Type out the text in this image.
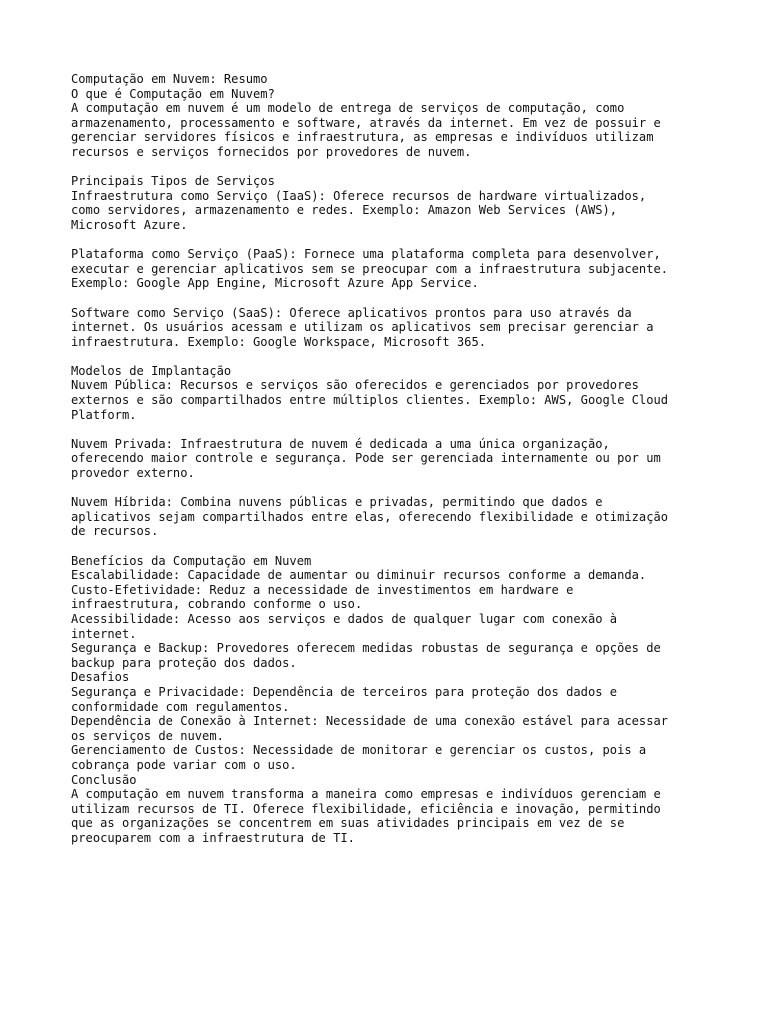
Computação em Nuvem: Resumo
O que é Computação em Nuvem?
A computação em nuvem é um modelo de entrega de serviços de computação, como
armazenamento, processamento e software, através da internet. Em vez de possuir e
gerenciar servidores físicos e infraestrutura, as empresas e indivíduos utilizam
recursos e serviços fornecidos por provedores de nuvem.
Principais Tipos de Serviços
Infraestrutura como Serviço (IaaS): Oferece recursos de hardware virtualizados,
como servidores, armazenamento e redes. Exemplo: Amazon Web Services (AWS),
Microsoft Azure.
Plataforma como Serviço (PaaS): Fornece uma plataforma completa para desenvolver,
executar e gerenciar aplicativos sem se preocupar com a infraestrutura subjacente.
Exemplo: Google App Engine, Microsoft Azure App Service.
Software como Serviço (SaaS): Oferece aplicativos prontos para uso através da
internet. Os usuários acessam e utilizam os aplicativos sem precisar gerenciar a
infraestrutura. Exemplo: Google Workspace, Microsoft 365.
Modelos de Implantação
Nuvem Pública: Recursos e serviços são oferecidos e gerenciados por provedores
externos e são compartilhados entre múltiplos clientes. Exemplo: AWS, Google Cloud
Platform.
Nuvem Privada: Infraestrutura de nuvem é dedicada a uma única organização,
oferecendo maior controle e segurança. Pode ser gerenciada internamente ou por um
provedor externo.
Nuvem Híbrida: Combina nuvens públicas e privadas, permitindo que dados e
aplicativos sejam compartilhados entre elas, oferecendo flexibilidade e otimização
de recursos.
Benefícios da Computação em Nuvem
Escalabilidade: Capacidade de aumentar ou diminuir recursos conforme a demanda.
Custo-Efetividade: Reduz a necessidade de investimentos em hardware e
infraestrutura, cobrando conforme o uso.
Acessibilidade: Acesso aos serviços e dados de qualquer lugar com conexão à
internet.
Segurança e Backup: Provedores oferecem medidas robustas de segurança e opções de
backup para proteção dos dados.
Desafios
Segurança e Privacidade: Dependência de terceiros para proteção dos dados e
conformidade com regulamentos.
Dependência de Conexão à Internet: Necessidade de uma conexão estável para acessar
os serviços de nuvem.
Gerenciamento de Custos: Necessidade de monitorar e gerenciar os custos, pois a
cobrança pode variar com o uso.
Conclusão
A computação em nuvem transforma a maneira como empresas e indivíduos gerenciam e
utilizam recursos de TI. Oferece flexibilidade, eficiência e inovação, permitindo
que as organizações se concentrem em suas atividades principais em vez de se
preocuparem com a infraestrutura de TI.
